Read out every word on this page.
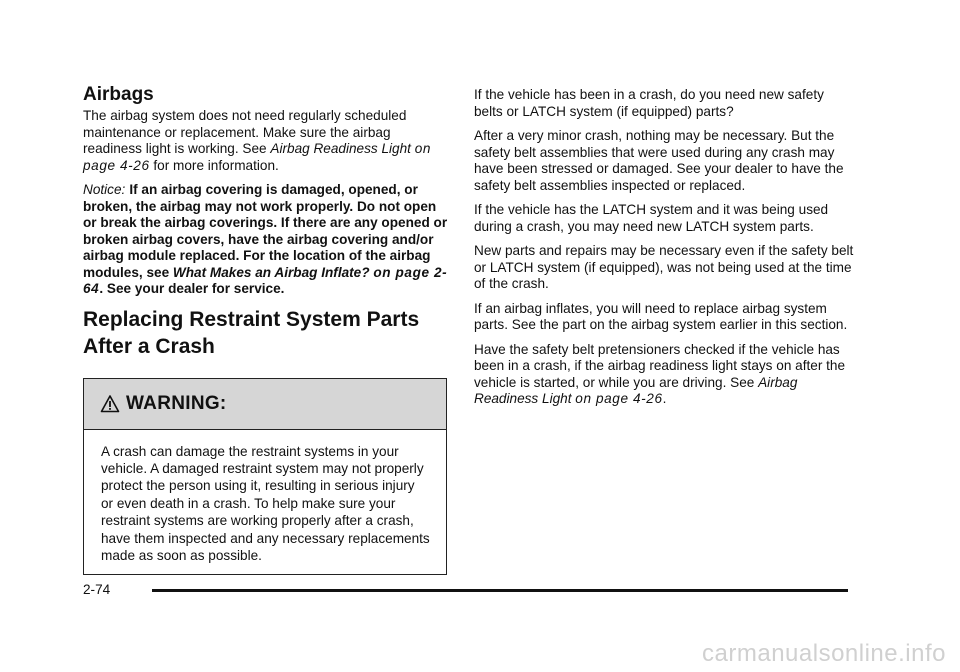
Airbags

The airbag system does not need regularly scheduled maintenance or replacement. Make sure the airbag readiness light is working. See Airbag Readiness Light on page 4-26 for more information.

Notice: If an airbag covering is damaged, opened, or broken, the airbag may not work properly. Do not open or break the airbag coverings. If there are any opened or broken airbag covers, have the airbag covering and/or airbag module replaced. For the location of the airbag modules, see What Makes an Airbag Inflate? on page 2-64. See your dealer for service.

Replacing Restraint System Parts
After a Crash
WARNING:

A crash can damage the restraint systems in your vehicle. A damaged restraint system may not properly protect the person using it, resulting in serious injury or even death in a crash. To help make sure your restraint systems are working properly after a crash, have them inspected and any necessary replacements made as soon as possible.

If the vehicle has been in a crash, do you need new safety belts or LATCH system (if equipped) parts?

After a very minor crash, nothing may be necessary. But the safety belt assemblies that were used during any crash may have been stressed or damaged. See your dealer to have the safety belt assemblies inspected or replaced.

If the vehicle has the LATCH system and it was being used during a crash, you may need new LATCH system parts.

New parts and repairs may be necessary even if the safety belt or LATCH system (if equipped), was not being used at the time of the crash.

If an airbag inflates, you will need to replace airbag system parts. See the part on the airbag system earlier in this section.

Have the safety belt pretensioners checked if the vehicle has been in a crash, if the airbag readiness light stays on after the vehicle is started, or while you are driving. See Airbag Readiness Light on page 4-26.

2-74
carmanualsonline.info
